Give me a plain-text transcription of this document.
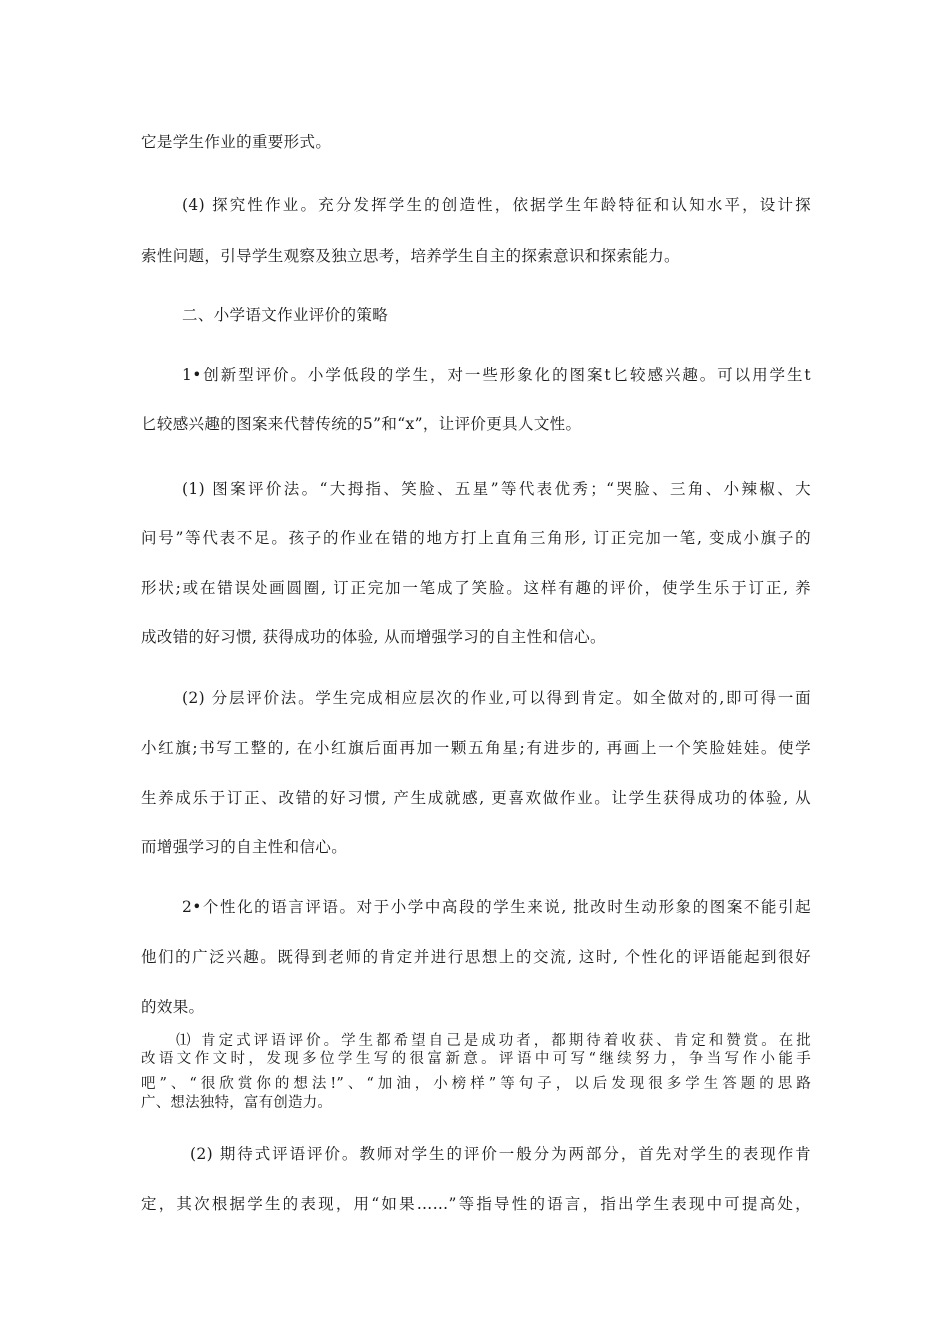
它是学生作业的重要形式。
(4) 探究性作业。充分发挥学生的创造性，依据学生年龄特征和认知水平，设计探
索性问题，引导学生观察及独立思考，培养学生自主的探索意识和探索能力。
二、小学语文作业评价的策略
1•创新型评价。小学低段的学生，对一些形象化的图案t匕较感兴趣。可以用学生t
匕较感兴趣的图案来代替传统的5”和“x”，让评价更具人文性。
(1) 图案评价法。“大拇指、笑脸、五星”等代表优秀；“哭脸、三角、小辣椒、大
问号”等代表不足。孩子的作业在错的地方打上直角三角形, 订正完加一笔, 变成小旗子的
形状;或在错误处画圆圈, 订正完加一笔成了笑脸。这样有趣的评价，使学生乐于订正, 养
成改错的好习惯, 获得成功的体验, 从而增强学习的自主性和信心。
(2) 分层评价法。学生完成相应层次的作业,可以得到肯定。如全做对的,即可得一面
小红旗;书写工整的, 在小红旗后面再加一颗五角星;有进步的, 再画上一个笑脸娃娃。使学
生养成乐于订正、改错的好习惯, 产生成就感, 更喜欢做作业。让学生获得成功的体验, 从
而增强学习的自主性和信心。
2•个性化的语言评语。对于小学中高段的学生来说, 批改时生动形象的图案不能引起
他们的广泛兴趣。既得到老师的肯定并进行思想上的交流, 这时, 个性化的评语能起到很好
的效果。
⑴ 肯定式评语评价。学生都希望自己是成功者，都期待着收获、肯定和赞赏。在批
改语文作文时，发现多位学生写的很富新意。评语中可写“继续努力，争当写作小能手
吧”、“很欣赏你的想法!”、“加油，小榜样”等句子，以后发现很多学生答题的思路
广、想法独特，富有创造力。
(2) 期待式评语评价。教师对学生的评价一般分为两部分，首先对学生的表现作肯
定，其次根据学生的表现，用“如果……”等指导性的语言，指出学生表现中可提高处，
